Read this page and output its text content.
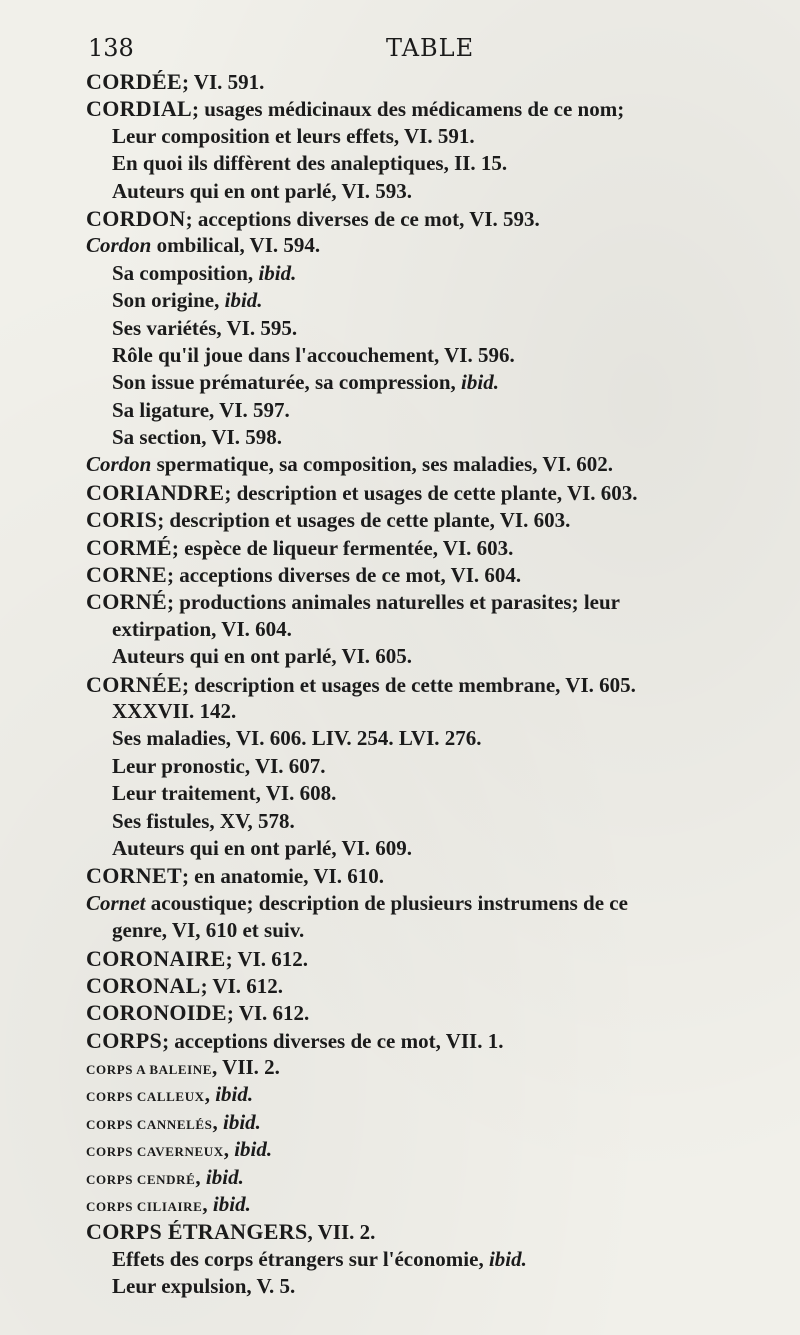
138	TABLE
CORDÉE; VI. 591.
CORDIAL; usages médicinaux des médicamens de ce nom;
Leur composition et leurs effets, VI. 591.
En quoi ils diffèrent des analeptiques, II. 15.
Auteurs qui en ont parlé, VI. 593.
CORDON; acceptions diverses de ce mot, VI. 593.
Cordon ombilical, VI. 594.
Sa composition, ibid.
Son origine, ibid.
Ses variétés, VI. 595.
Rôle qu'il joue dans l'accouchement, VI. 596.
Son issue prématurée, sa compression, ibid.
Sa ligature, VI. 597.
Sa section, VI. 598.
Cordon spermatique, sa composition, ses maladies, VI. 602.
CORIANDRE; description et usages de cette plante, VI. 603.
CORIS; description et usages de cette plante, VI. 603.
CORMÉ; espèce de liqueur fermentée, VI. 603.
CORNE; acceptions diverses de ce mot, VI. 604.
CORNÉ; productions animales naturelles et parasites; leur
extirpation, VI. 604.
Auteurs qui en ont parlé, VI. 605.
CORNÉE; description et usages de cette membrane, VI. 605.
XXXVII. 142.
Ses maladies, VI. 606. LIV. 254. LVI. 276.
Leur pronostic, VI. 607.
Leur traitement, VI. 608.
Ses fistules, XV, 578.
Auteurs qui en ont parlé, VI. 609.
CORNET; en anatomie, VI. 610.
Cornet acoustique; description de plusieurs instrumens de ce
genre, VI, 610 et suiv.
CORONAIRE; VI. 612.
CORONAL; VI. 612.
CORONOIDE; VI. 612.
CORPS; acceptions diverses de ce mot, VII. 1.
CORPS A BALEINE, VII. 2.
CORPS CALLEUX, ibid.
CORPS CANNELÉS, ibid.
CORPS CAVERNEUX, ibid.
CORPS CENDRÉ, ibid.
CORPS CILIAIRE, ibid.
CORPS ÉTRANGERS, VII. 2.
Effets des corps étrangers sur l'économie, ibid.
Leur expulsion, V. 5.
